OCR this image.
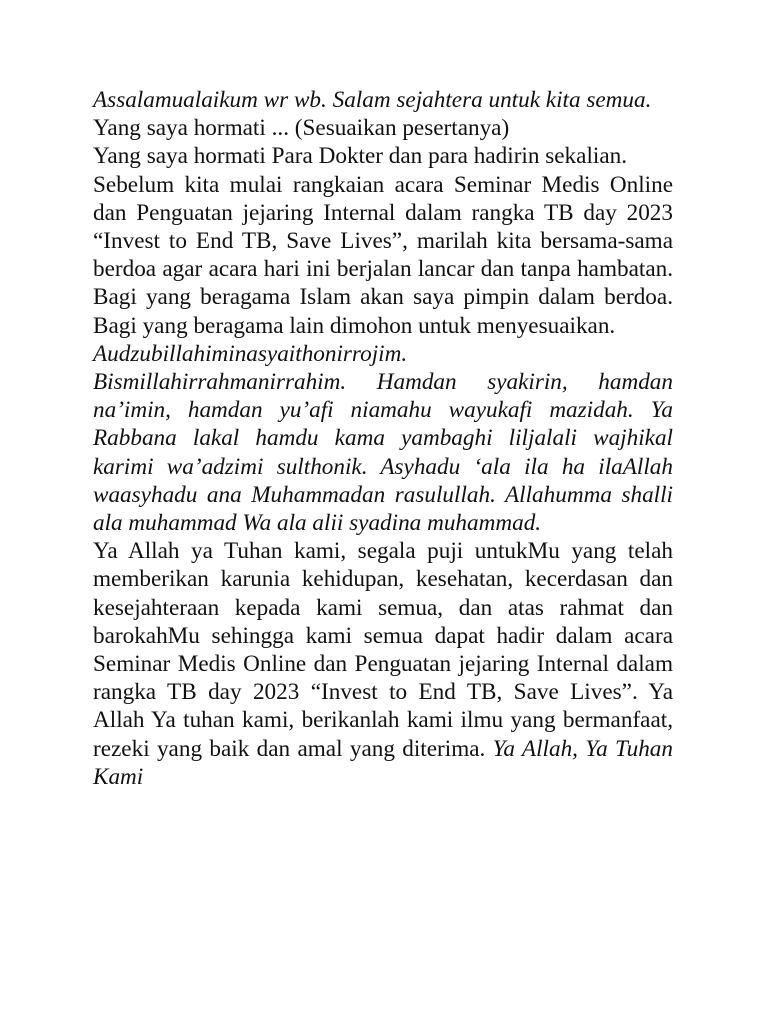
Assalamualaikum wr wb. Salam sejahtera untuk kita semua.

Yang saya hormati ... (Sesuaikan pesertanya)

Yang saya hormati Para Dokter dan para hadirin sekalian.

Sebelum kita mulai rangkaian acara Seminar Medis Online dan Penguatan jejaring Internal dalam rangka TB day 2023 “Invest to End TB, Save Lives”, marilah kita bersama-sama berdoa agar acara hari ini berjalan lancar dan tanpa hambatan. Bagi yang beragama Islam akan saya pimpin dalam berdoa. Bagi yang beragama lain dimohon untuk menyesuaikan.

Audzubillahiminasyaithonirrojim.

Bismillahirrahmanirrahim. Hamdan syakirin, hamdan na’imin, hamdan yu’afi niamahu wayukafi mazidah. Ya Rabbana lakal hamdu kama yambaghi liljalali wajhikal karimi wa’adzimi sulthonik. Asyhadu ‘ala ila ha ilaAllah waasyhadu ana Muhammadan rasulullah. Allahumma shalli ala muhammad Wa ala alii syadina muhammad.

Ya Allah ya Tuhan kami, segala puji untukMu yang telah memberikan karunia kehidupan, kesehatan, kecerdasan dan kesejahteraan kepada kami semua, dan atas rahmat dan barokahMu sehingga kami semua dapat hadir dalam acara Seminar Medis Online dan Penguatan jejaring Internal dalam rangka TB day 2023 “Invest to End TB, Save Lives”. Ya Allah Ya tuhan kami, berikanlah kami ilmu yang bermanfaat, rezeki yang baik dan amal yang diterima. Ya Allah, Ya Tuhan Kami
